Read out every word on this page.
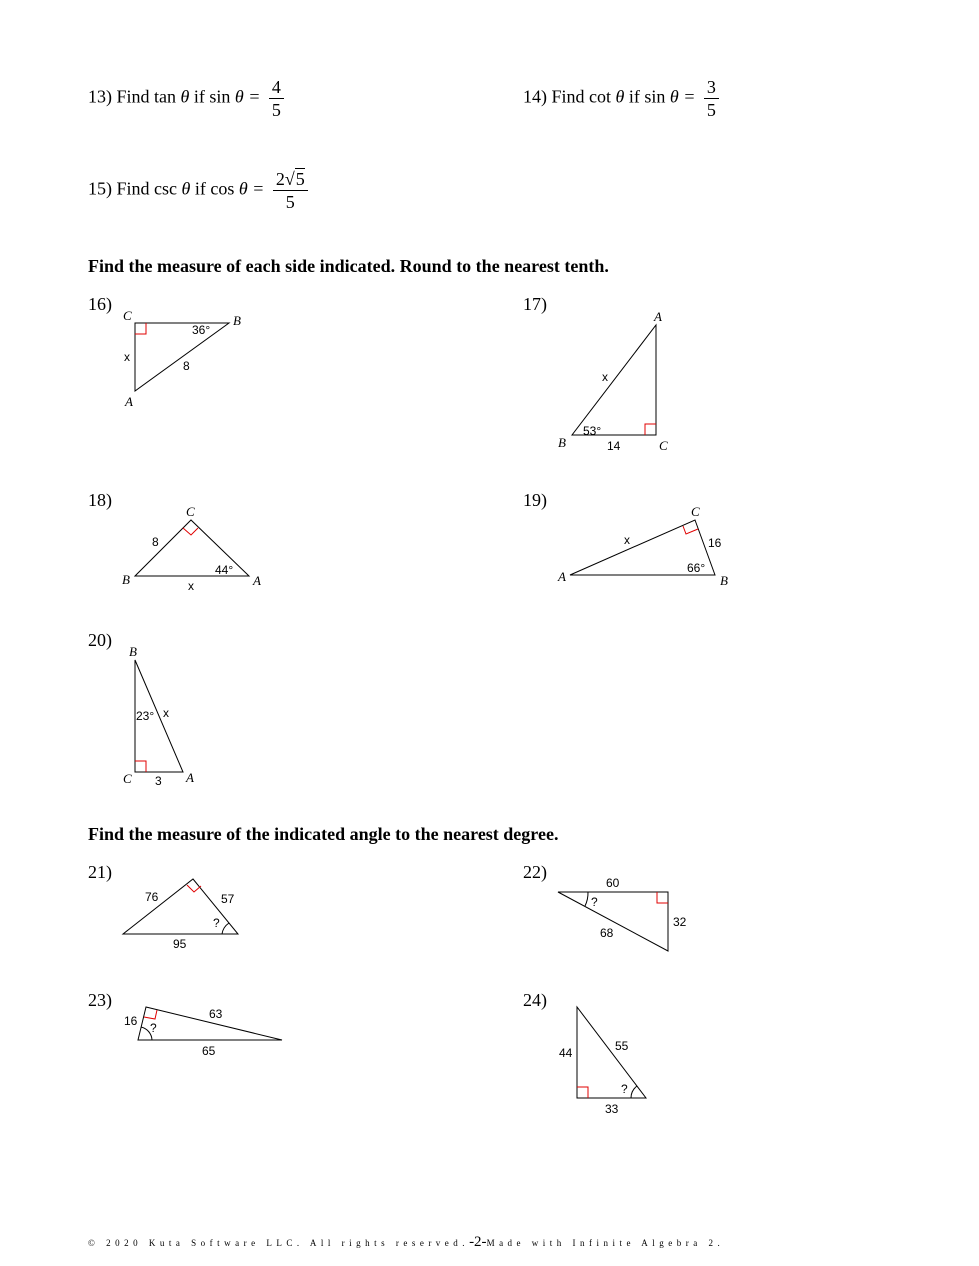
13) Find tan θ if $\sin \theta = \frac{4}{5}$	14) Find cot θ if $\sin \theta = \frac{3}{5}$
15) Find csc θ if $\cos \theta = \frac{2√5}{5}$
Find the measure of each side indicated. Round to the nearest tenth.
16)
C	B
A
36°
x
8
17)
A
B	C
53°
x
14
18)
C
B	A
44°
x
8
19)
C
A	B
66°
x	16
20)
B
C	A
23° x
3
Find the measure of the indicated angle to the nearest degree.
21)
76	57
95
?
22)
60
32
68
?
23)
16	63
65
?
24)
44	55
33
?
© 2020 Kuta Software LLC. All rights reserved.-2-Made with Infinite Algebra 2.
